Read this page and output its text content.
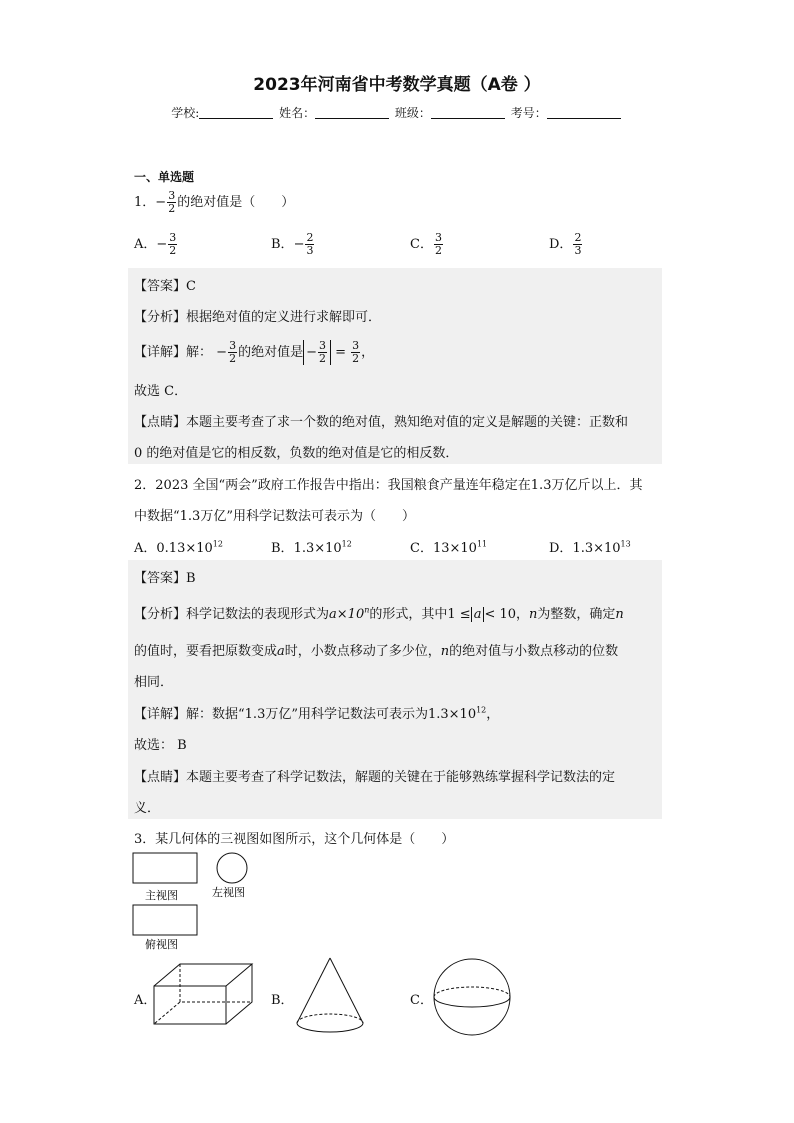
2023年河南省中考数学真题（A卷 ）
学校:	姓名：	班级：	考号：
一、单选题
1．− $\frac{3}{2}$ 的绝对值是（　　）
A．− $\frac{3}{2}$	B．− $\frac{2}{3}$	C． $\frac{3}{2}$	D． $\frac{2}{3}$
【答案】C
【分析】根据绝对值的定义进行求解即可．
【详解】解： − $\frac{3}{2}$ 的绝对值是 − $\frac{3}{2} = \frac{3}{2}$ ，
故选 C．
【点睛】本题主要考查了求一个数的绝对值，熟知绝对值的定义是解题的关键：正数和
0 的绝对值是它的相反数，负数的绝对值是它的相反数．
2．2023 全国“两会”政府工作报告中指出：我国粮食产量连年稳定在1.3万亿斤以上．其
中数据“1.3万亿”用科学记数法可表示为（　　）
A．$0.13\times 10^{12}$	B．$1.3\times 10^{12}$	C．$13\times 10^{11}$	D．$1.3\times 10^{13}$
【答案】B
【分析】科学记数法的表现形式为$a\times 10^n$的形式，其中1 ≤ a < 10，n为整数，确定n
的值时，要看把原数变成a时，小数点移动了多少位，n的绝对值与小数点移动的位数
相同．
【详解】解：数据“1.3万亿”用科学记数法可表示为$1.3\times 10^{12}$，
故选： B
【点睛】本题主要考查了科学记数法，解题的关键在于能够熟练掌握科学记数法的定
义．
3．某几何体的三视图如图所示，这个几何体是（　　）
主视图	左视图
俯视图
A．	B．	C．
